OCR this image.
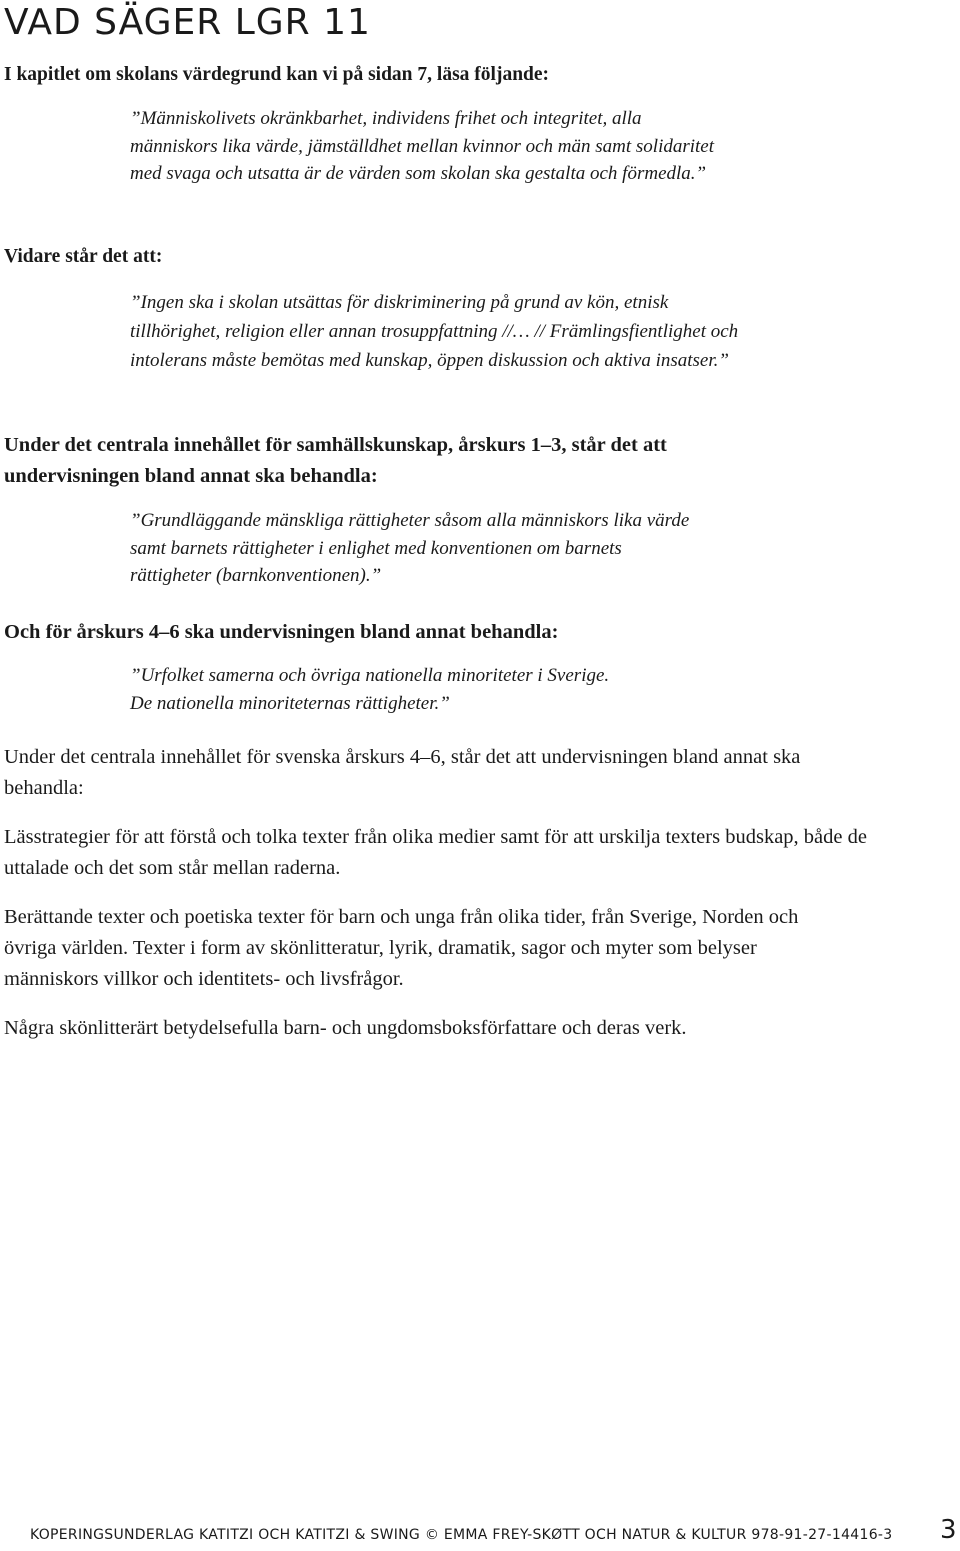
VAD SÄGER LGR 11

I kapitlet om skolans värdegrund kan vi på sidan 7, läsa följande:

”Människolivets okränkbarhet, individens frihet och integritet, alla människors lika värde, jämställdhet mellan kvinnor och män samt solidaritet med svaga och utsatta är de värden som skolan ska gestalta och förmedla.”

Vidare står det att:

”Ingen ska i skolan utsättas för diskriminering på grund av kön, etnisk tillhörighet, religion eller annan trosuppfattning //… // Främlingsfientlighet och intolerans måste bemötas med kunskap, öppen diskussion och aktiva insatser.”

Under det centrala innehållet för samhällskunskap, årskurs 1–3, står det att undervisningen bland annat ska behandla:

”Grundläggande mänskliga rättigheter såsom alla människors lika värde samt barnets rättigheter i enlighet med konventionen om barnets rättigheter (barnkonventionen).”

Och för årskurs 4–6 ska undervisningen bland annat behandla:

”Urfolket samerna och övriga nationella minoriteter i Sverige.

De nationella minoriteternas rättigheter.”

Under det centrala innehållet för svenska årskurs 4–6, står det att undervisningen bland annat ska behandla:

Lässtrategier för att förstå och tolka texter från olika medier samt för att urskilja texters budskap, både de uttalade och det som står mellan raderna.

Berättande texter och poetiska texter för barn och unga från olika tider, från Sverige, Norden och övriga världen. Texter i form av skönlitteratur, lyrik, dramatik, sagor och myter som belyser människors villkor och identitets- och livsfrågor.

Några skönlitterärt betydelsefulla barn- och ungdomsboksförfattare och deras verk.

KOPERINGSUNDERLAG KATITZI OCH KATITZI & SWING © EMMA FREY-SKØTT OCH NATUR & KULTUR 978-91-27-14416-3 3
